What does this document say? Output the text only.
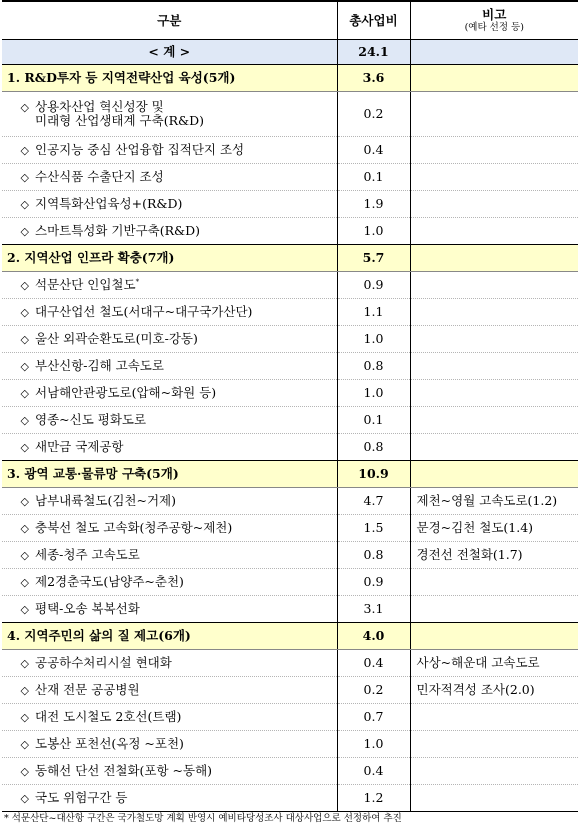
구분	총사업비	비고
(예타 선정 등)

< 계 >	24.1	
1. R&D투자 등 지역전략산업 육성(5개)	3.6	
◇ 상용차산업 혁신성장 및
미래형 산업생태계 구축(R&D)	0.2	
◇ 인공지능 중심 산업융합 집적단지 조성	0.4	
◇ 수산식품 수출단지 조성	0.1	
◇ 지역특화산업육성+(R&D)	1.9	
◇ 스마트특성화 기반구축(R&D)	1.0	
2. 지역산업 인프라 확충(7개)	5.7	
◇ 석문산단 인입철도*	0.9	
◇ 대구산업선 철도(서대구~대구국가산단)	1.1	
◇ 울산 외곽순환도로(미호-강동)	1.0	
◇ 부산신항-김해 고속도로	0.8	
◇ 서남해안관광도로(압해~화원 등)	1.0	
◇ 영종~신도 평화도로	0.1	
◇ 새만금 국제공항	0.8	
3. 광역 교통·물류망 구축(5개)	10.9	
◇ 남부내륙철도(김천~거제)	4.7	제천~영월 고속도로(1.2)
◇ 충북선 철도 고속화(청주공항~제천)	1.5	문경~김천 철도(1.4)
◇ 세종-청주 고속도로	0.8	경전선 전철화(1.7)
◇ 제2경춘국도(남양주~춘천)	0.9	
◇ 평택-오송 복복선화	3.1	
4. 지역주민의 삶의 질 제고(6개)	4.0	
◇ 공공하수처리시설 현대화	0.4	사상~해운대 고속도로
◇ 산재 전문 공공병원	0.2	민자적격성 조사(2.0)
◇ 대전 도시철도 2호선(트램)	0.7	
◇ 도봉산 포천선(옥정 ~포천)	1.0	
◇ 동해선 단선 전철화(포항 ~동해)	0.4	
◇ 국도 위험구간 등	1.2	
* 석문산단~대산항 구간은 국가철도망 계획 반영시 예비타당성조사 대상사업으로 선정하여 추진
